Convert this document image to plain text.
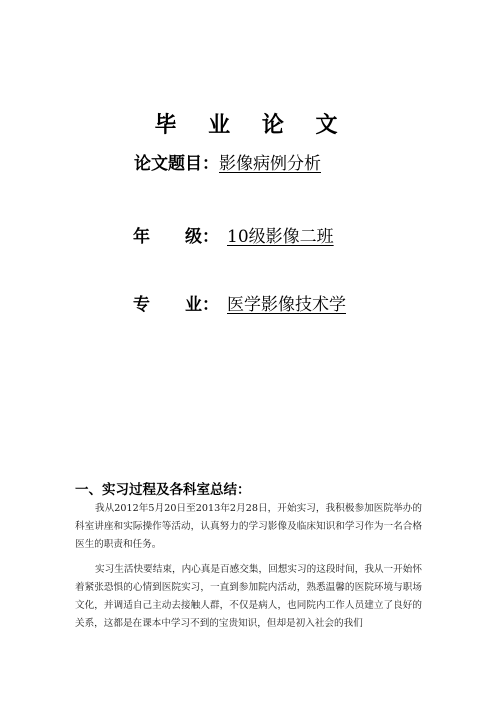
毕 业 论 文
论文题目：影像病例分析
年 级： 10级影像二班
专 业： 医学影像技术学
一、实习过程及各科室总结：

我从2012年5月20日至2013年2月28日，开始实习，我积极参加医院举办的科室讲座和实际操作等活动，认真努力的学习影像及临床知识和学习作为一名合格医生的职责和任务。

实习生活快要结束，内心真是百感交集，回想实习的这段时间，我从一开始怀着紧张恐惧的心情到医院实习，一直到参加院内活动，熟悉温馨的医院环境与职场文化，并调适自己主动去接触人群，不仅是病人，也同院内工作人员建立了良好的关系，这都是在课本中学习不到的宝贵知识，但却是初入社会的我们
